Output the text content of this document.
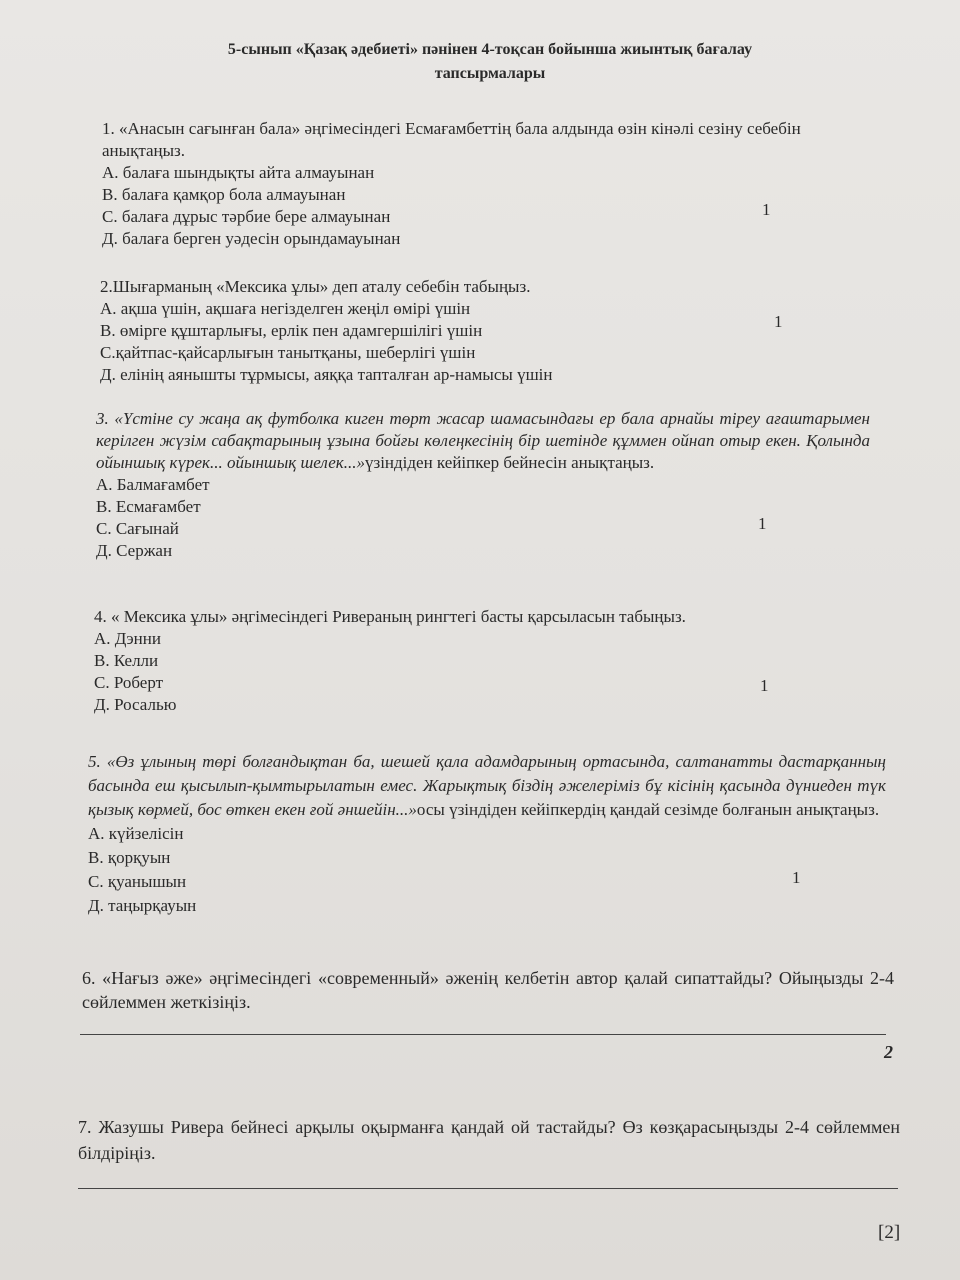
5-сынып «Қазақ әдебиеті» пәнінен 4-тоқсан бойынша жиынтық бағалау
тапсырмалары

1. «Анасын сағынған бала» әңгімесіндегі Есмағамбеттің бала алдында өзін кінәлі сезіну себебін анықтаңыз.

А. балаға шындықты айта алмауынан

В. балаға қамқор бола алмауынан

С. балаға дұрыс тәрбие бере алмауынан

Д. балаға берген уәдесін орындамауынан

1

2.Шығарманың «Мексика ұлы» деп аталу себебін табыңыз.

А. ақша үшін, ақшаға негізделген жеңіл өмірі үшін

В. өмірге құштарлығы, ерлік пен адамгершілігі үшін

С.қайтпас-қайсарлығын танытқаны, шеберлігі үшін

Д. елінің аянышты тұрмысы, аяққа тапталған ар-намысы үшін

1

3. «Үстіне су жаңа ақ футболка киген төрт жасар шамасындағы ер бала арнайы тіреу ағаштарымен керілген жүзім сабақтарының ұзына бойғы көлеңкесінің бір шетінде құммен ойнап отыр екен. Қолында ойыншық күрек... ойыншық шелек...»үзіндіден кейіпкер бейнесін анықтаңыз.

А. Балмағамбет

В. Есмағамбет

С. Сағынай

Д. Сержан

1

4. « Мексика ұлы» әңгімесіндегі Ривераның рингтегі басты қарсыласын табыңыз.

А. Дэнни

В. Келли

С. Роберт

Д. Росалью

1

5. «Өз ұлының төрі болғандықтан ба, шешей қала адамдарының ортасында, салтанатты дастарқанның басында еш қысылып-қымтырылатын емес. Жарықтық біздің әжелеріміз бұ кісінің қасында дүниеден түк қызық көрмей, бос өткен екен ғой әншейін...»осы үзіндіден кейіпкердің қандай сезімде болғанын анықтаңыз.

А. күйзелісін

В. қорқуын

С. қуанышын

Д. таңырқауын

1

6. «Нағыз әже» әңгімесіндегі «современный» әженің келбетін автор қалай сипаттайды? Ойыңызды 2-4 сөйлеммен жеткізіңіз.

2

7. Жазушы Ривера бейнесі арқылы оқырманға қандай ой тастайды? Өз көзқарасыңызды 2-4 сөйлеммен білдіріңіз.

[2]
